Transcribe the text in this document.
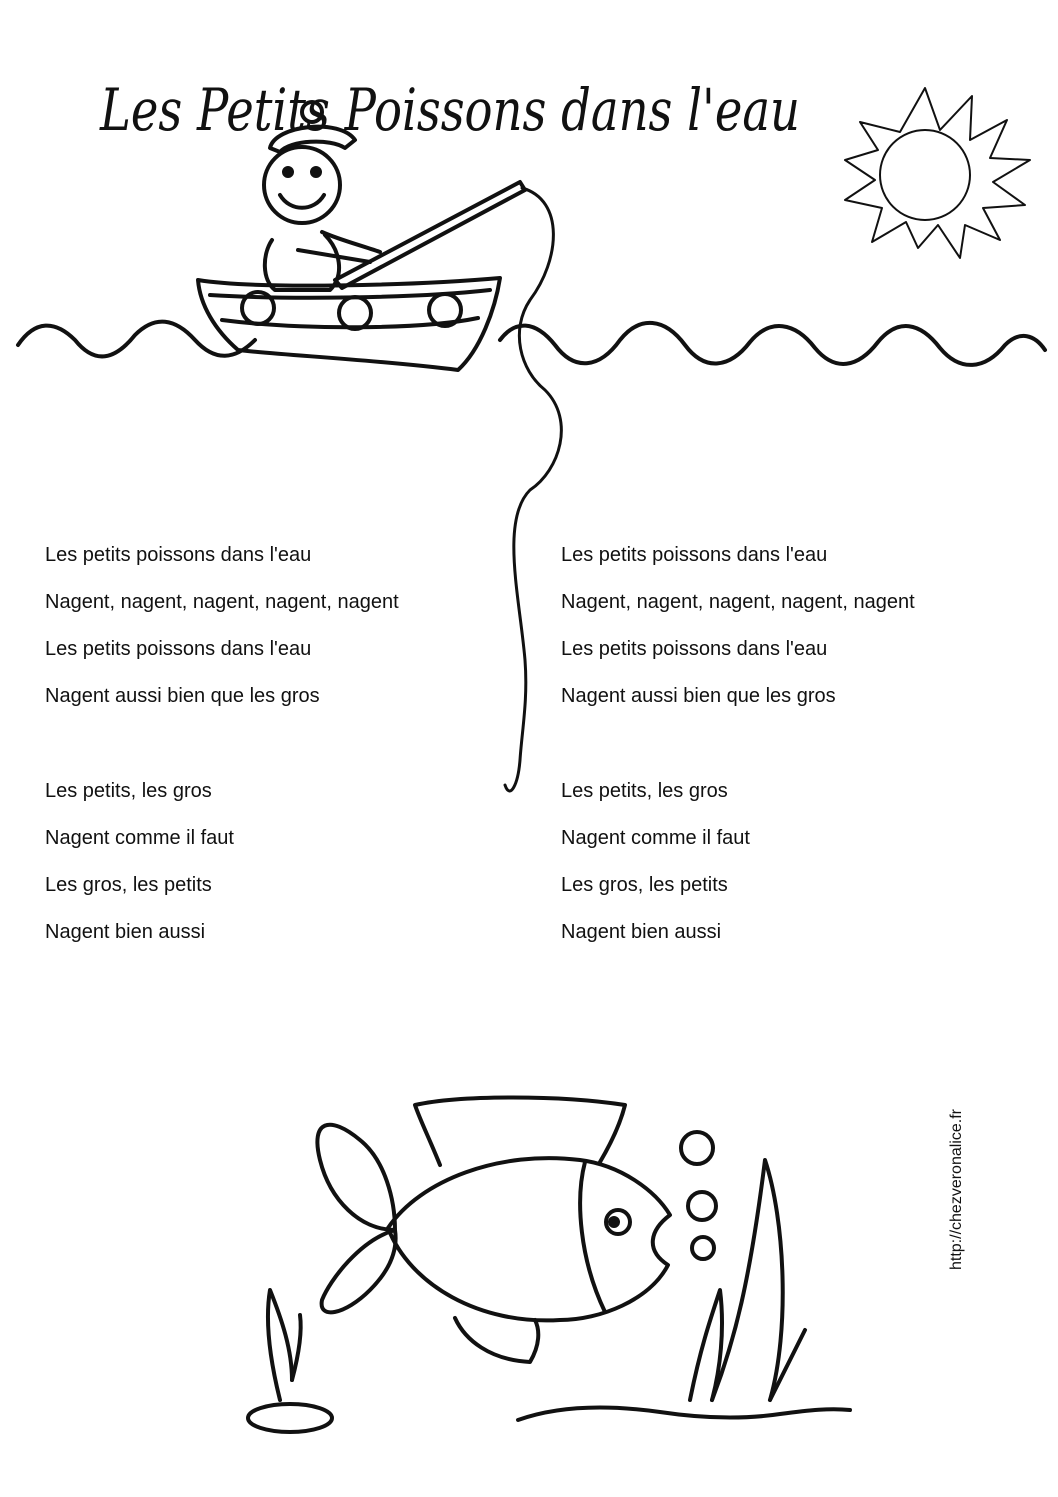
Les Petits Poissons dans l'eau
Les petits poissons dans l'eau
Nagent, nagent, nagent, nagent, nagent
Les petits poissons dans l'eau
Nagent aussi bien que les gros
Les petits, les gros
Nagent comme il faut
Les gros, les petits
Nagent bien aussi
Les petits poissons dans l'eau
Nagent, nagent, nagent, nagent, nagent
Les petits poissons dans l'eau
Nagent aussi bien que les gros
Les petits, les gros
Nagent comme il faut
Les gros, les petits
Nagent bien aussi
http://chezveronalice.fr
